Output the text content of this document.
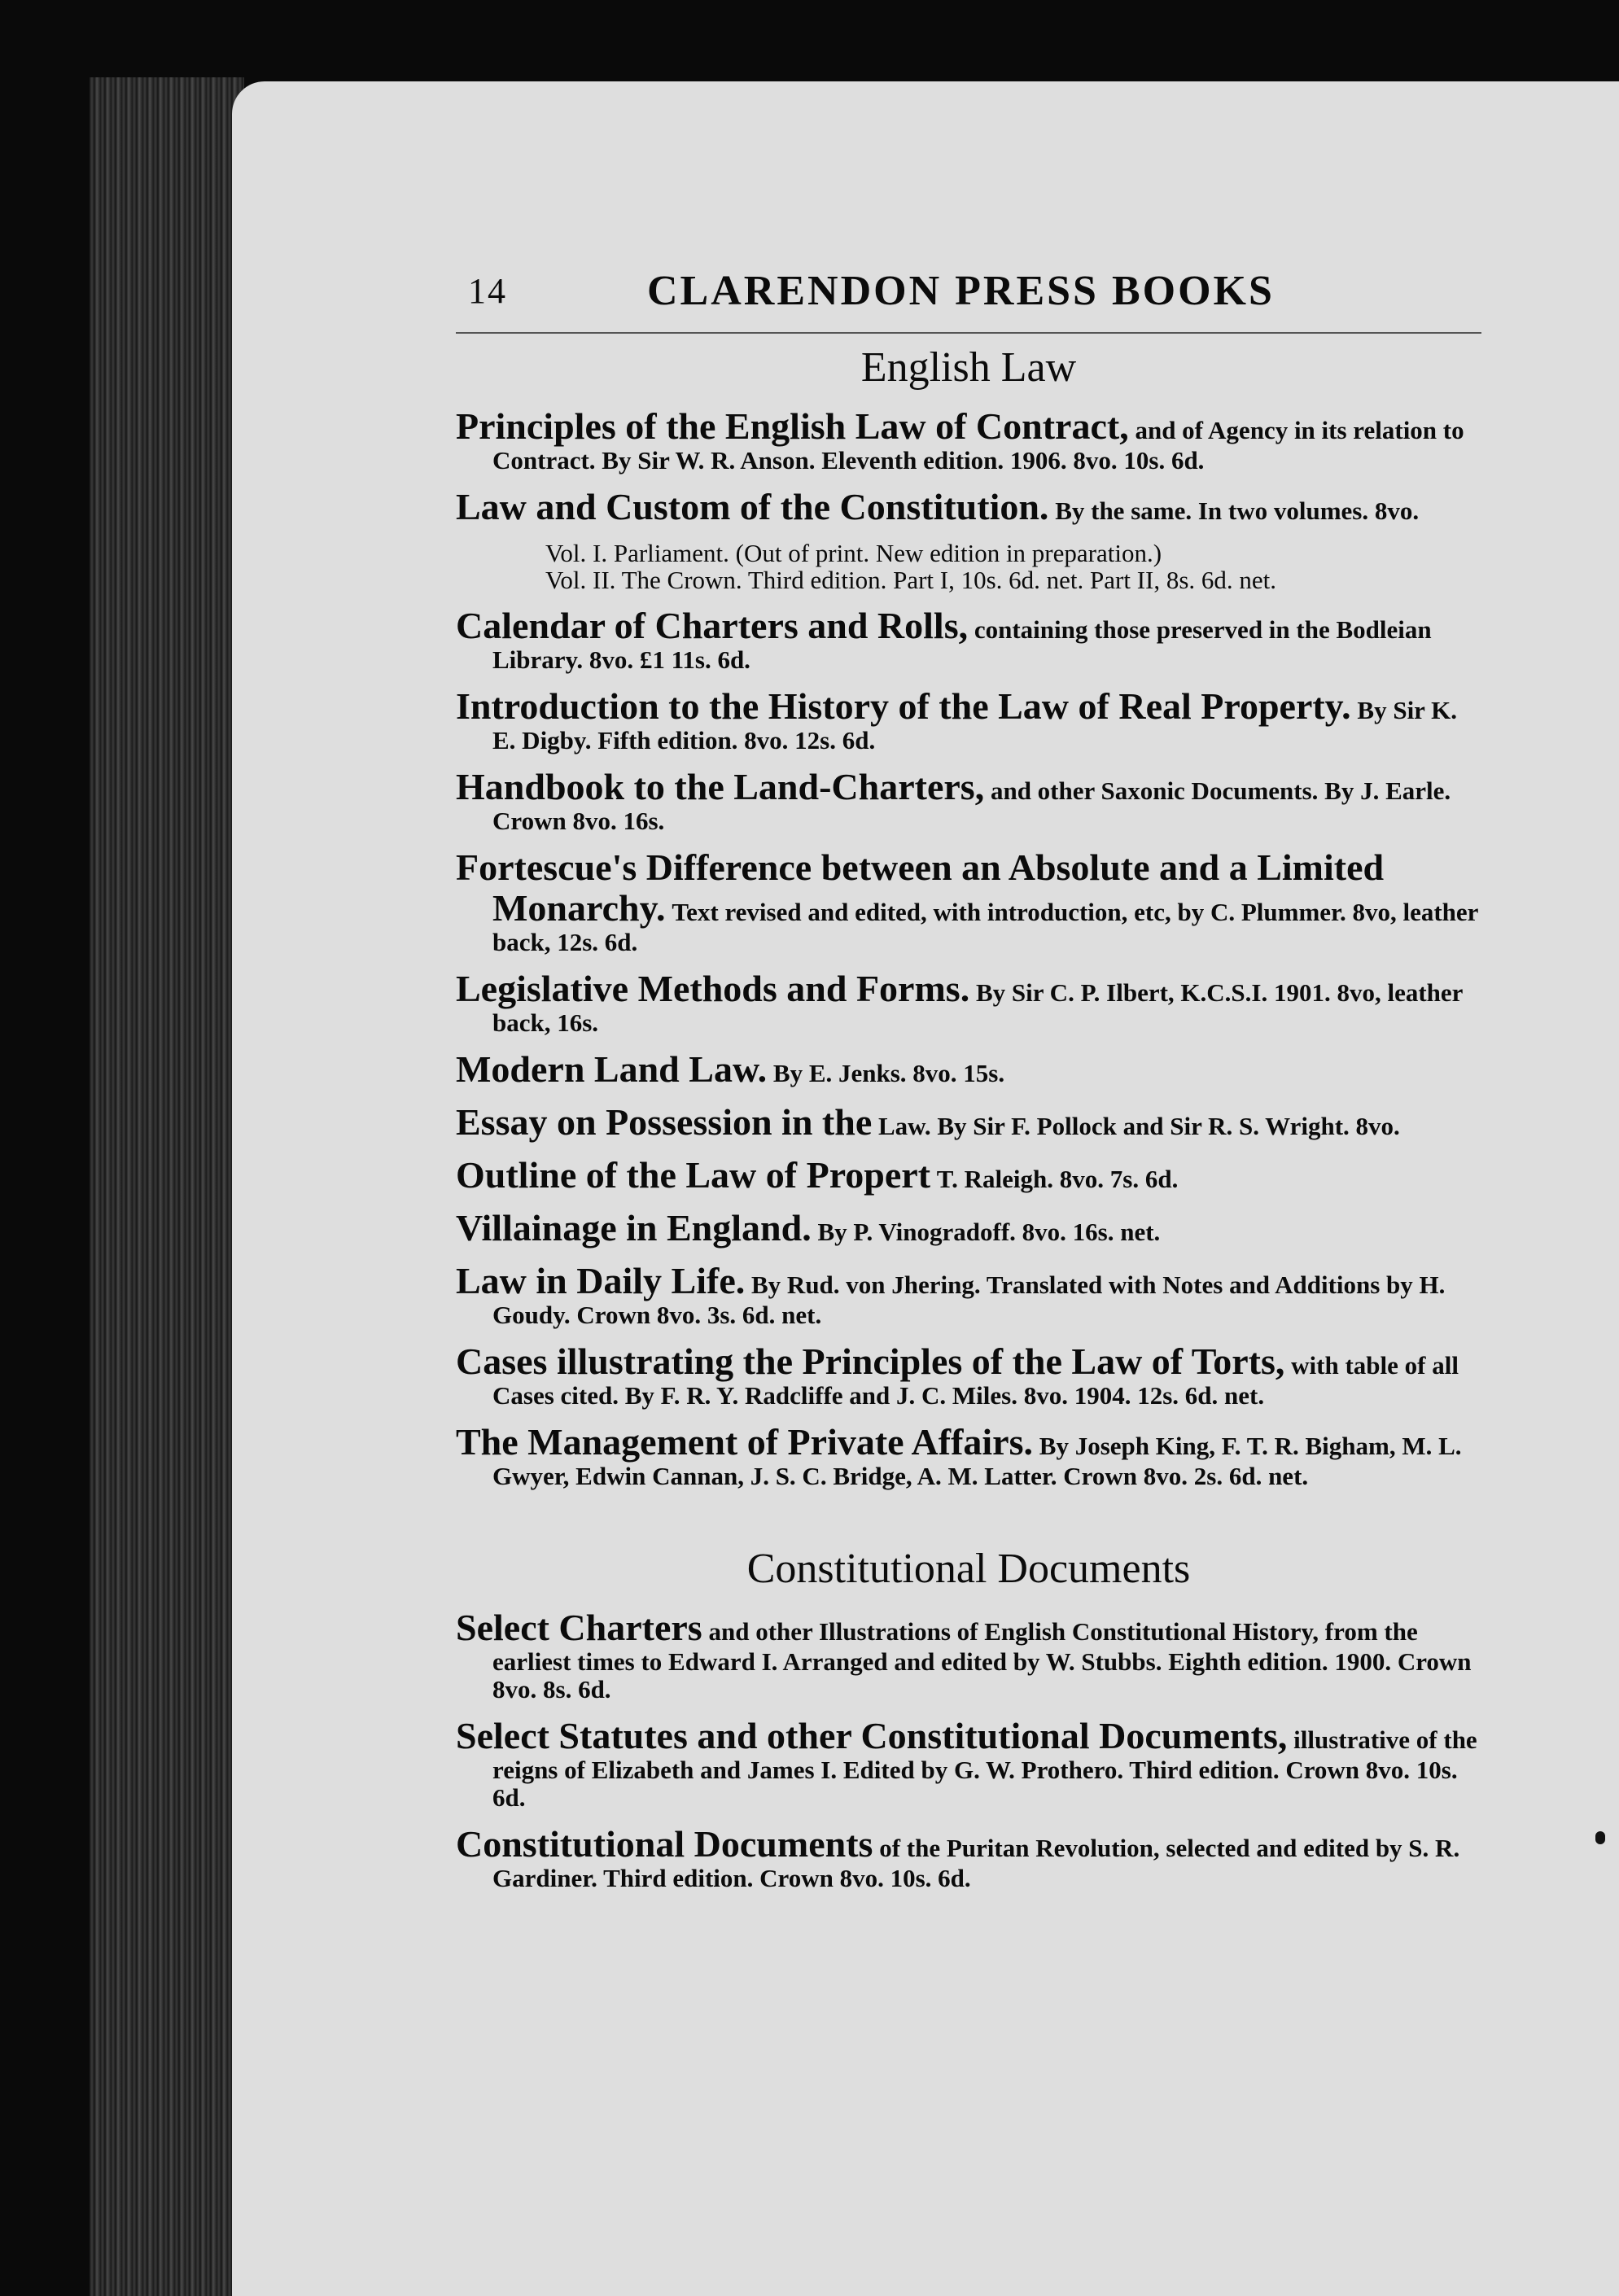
14	CLARENDON PRESS BOOKS
English Law
Principles of the English Law of Contract, and of Agency in its relation to Contract. By Sir W. R. Anson. Eleventh edition. 1906. 8vo. 10s. 6d.
Law and Custom of the Constitution. By the same. In two volumes. 8vo.
Vol. I. Parliament. (Out of print. New edition in preparation.)
Vol. II. The Crown. Third edition. Part I, 10s. 6d. net. Part II, 8s. 6d. net.
Calendar of Charters and Rolls, containing those preserved in the Bodleian Library. 8vo. £1 11s. 6d.
Introduction to the History of the Law of Real Property. By Sir K. E. Digby. Fifth edition. 8vo. 12s. 6d.
Handbook to the Land-Charters, and other Saxonic Documents. By J. Earle. Crown 8vo. 16s.
Fortescue's Difference between an Absolute and a Limited Monarchy. Text revised and edited, with introduction, etc, by C. Plummer. 8vo, leather back, 12s. 6d.
Legislative Methods and Forms. By Sir C. P. Ilbert, K.C.S.I. 1901. 8vo, leather back, 16s.
Modern Land Law. By E. Jenks. 8vo. 15s.
Essay on Possession in the Law. By Sir F. Pollock and Sir R. S. Wright. 8vo.
Outline of the Law of Propert T. Raleigh. 8vo. 7s. 6d.
Villainage in England. By P. Vinogradoff. 8vo. 16s. net.
Law in Daily Life. By Rud. von Jhering. Translated with Notes and Additions by H. Goudy. Crown 8vo. 3s. 6d. net.
Cases illustrating the Principles of the Law of Torts, with table of all Cases cited. By F. R. Y. Radcliffe and J. C. Miles. 8vo. 1904. 12s. 6d. net.
The Management of Private Affairs. By Joseph King, F. T. R. Bigham, M. L. Gwyer, Edwin Cannan, J. S. C. Bridge, A. M. Latter. Crown 8vo. 2s. 6d. net.
Constitutional Documents
Select Charters and other Illustrations of English Constitutional History, from the earliest times to Edward I. Arranged and edited by W. Stubbs. Eighth edition. 1900. Crown 8vo. 8s. 6d.
Select Statutes and other Constitutional Documents, illustrative of the reigns of Elizabeth and James I. Edited by G. W. Prothero. Third edition. Crown 8vo. 10s. 6d.
Constitutional Documents of the Puritan Revolution, selected and edited by S. R. Gardiner. Third edition. Crown 8vo. 10s. 6d.
